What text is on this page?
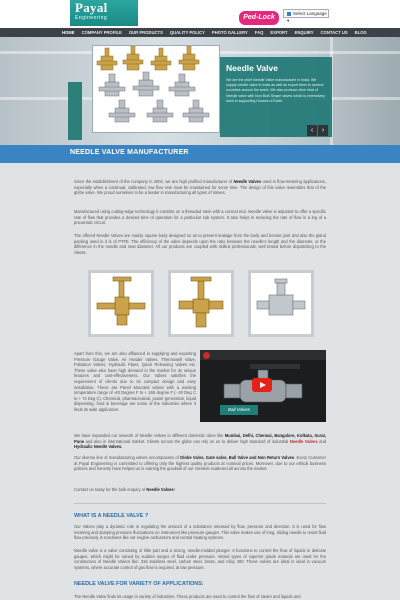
Payal
Engineering	Ped-Lock
Select Language ▾
HOME COMPANY PROFILE OUR PRODUCTS QUALITY POLICY PHOTO GALLERY FAQ EXPORT ENQUIRY CONTACT US BLOG
Needle Valve
We are the chief Needle Valve manufacturer in India. We supply needle valve in India as well as export them to several countries around the world. We also produce other kind of Needle valve with Non Bulk Shape valves which is extensively used in supporting Houses of Earth.
‹	›
NEEDLE VALVE MANUFACTURER

Since the establishment of the company in 2002, we are high profiled manufacturer of Needle Valves used in flow-metering applications, especially when a continual, calibrated, low flow rate must be maintained for some time. The design of this valve resembles that of the globe valve. We proud ourselves to be a leader in manufacturing all types of Valves.

Manufactured using cutting-edge technology it consists on a threaded stem with a conical end. Needle Valve is adjusted to offer a specific rate of flow that provides a desired time of operation for a particular sub system. It also helps in reducing the rate of flow in a leg of a pneumatic circuit.

The offered Needle Valves are mainly square body designed so as to prevent leakage from the body and bonnet joint and also the gland packing used in it is of PTFE. The efficiency of the valve depends upon the ratio between the needle's length and the diameter, or the difference in the needle and seat diameter. All our products are coupled with skilled professionals, well tested before dispatching to the clients.

Apart from this, we are also affianced in supplying and exporting Pressure Gauge Valve, Air Header Valves, Thermowell Valve, Pulsation Valves, Hydraulic Pipes, Quick Releasing Valves etc. These valve also have high demand in the market for its unique features and cost-effectiveness. Our Valves satisfies the requirement of clients due to its compact design and easy installation. These are Panel Mounted valves with a working temperature range of -40 Degree F to + 165 degree F (- 40 Deg C to + 74 Deg C). Chemical, pharmaceutical, power generation, liquid dispensing, food & beverage are some of the industries where it finds its wide application.	Ball Valves

We have expanded our network of Needle Valves in different domestic cities like Mumbai, Delhi, Chennai, Bangalore, Kolkata, Surat, Pune and also in international market. Clients across the globe can rely on us to deliver high standard of industrial Needle Valves and Hydraulic Needle Valves.

Our diverse line of manufacturing valves encompasses of Globe Valve, Gate valve, Ball Valve and Non Return Valves. Every Customer at Payal Engineering is committed to offering only the highest quality products at nominal prices. Moreover, due to our ethical business policies and honesty have helped us in earning the goodwill of our clientele scattered all across the market.

Contact us today for the bulk enquiry of Needle Valves!

WHAT IS A NEEDLE VALVE ?

Our Valves play a dynamic role in regulating the amount of a substance released by flow, pressure and direction. It is used for flow metering and damping pressure fluctuations on instrument like pressure gauges. This valve makes use of long, sliding needle to resist fluid flow precisely in machines like car engine carburetors and central heating systems.

Needle valve is a valve consisting of little part and a strong, needle-molded plunger. It functions to control the flow of liquids in delicate gauges, which might be ruined by sudden surges of fluid under pressure. Varied types of superior grade material are used for the construction of Needle Valves like: 316 stainless steel, carbon steel, brass, and Alloy 400. These valves are ideal in ideal in vacuum systems, where accurate control of gas flow is required, at low pressure.

NEEDLE VALVE FOR VARIETY OF APPLICATIONS:

The Needle Valve finds its usage in variety of industries. These products are used to control the flow of steam and liquids and
